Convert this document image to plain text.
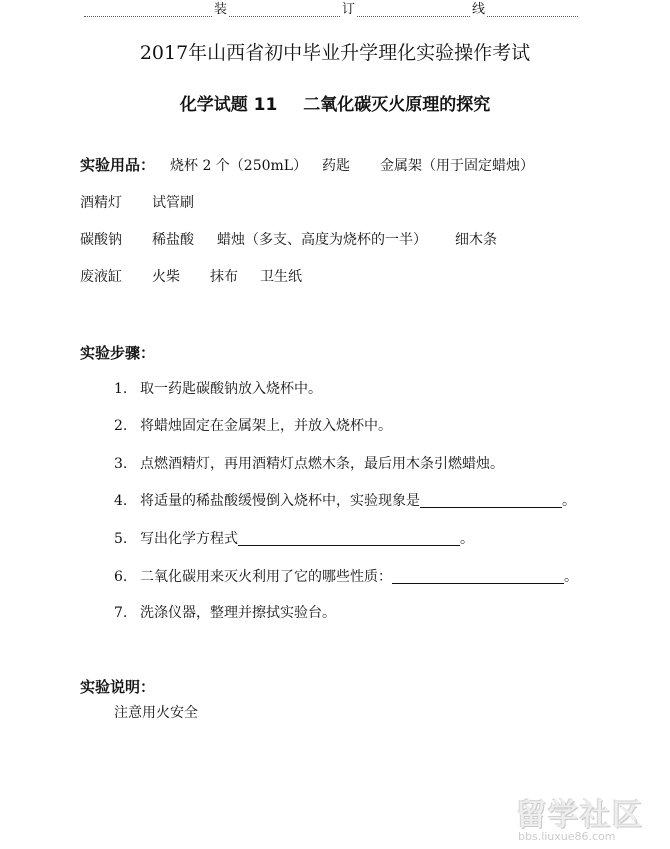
装	订	线
2017年山西省初中毕业升学理化实验操作考试
化学试题 11 二氧化碳灭火原理的探究
实验用品： 烧杯 2 个（250mL） 药匙 金属架（用于固定蜡烛）
酒精灯 试管刷
碳酸钠 稀盐酸 蜡烛（多支、高度为烧杯的一半） 细木条
废液缸 火柴 抹布 卫生纸
实验步骤：
1. 取一药匙碳酸钠放入烧杯中。
2. 将蜡烛固定在金属架上，并放入烧杯中。
3. 点燃酒精灯，再用酒精灯点燃木条，最后用木条引燃蜡烛。
4. 将适量的稀盐酸缓慢倒入烧杯中，实验现象是	。
5. 写出化学方程式	。
6. 二氧化碳用来灭火利用了它的哪些性质：	。
7. 洗涤仪器，整理并擦拭实验台。
实验说明：
注意用火安全
留学社区
bbs.liuxue86.com
